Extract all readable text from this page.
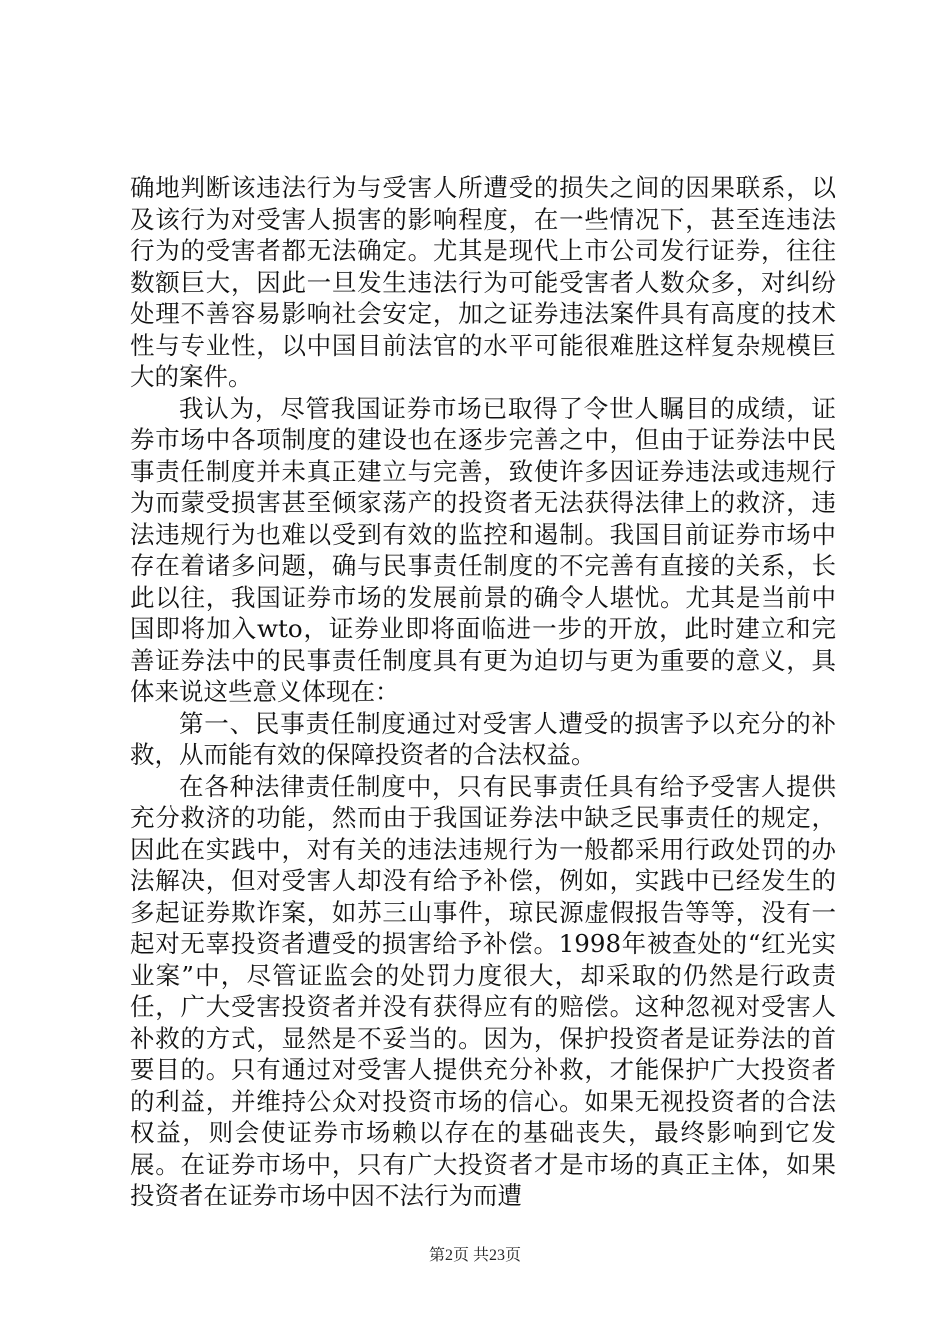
确地判断该违法行为与受害人所遭受的损失之间的因果联系，以及该行为对受害人损害的影响程度，在一些情况下，甚至连违法行为的受害者都无法确定。尤其是现代上市公司发行证券，往往数额巨大，因此一旦发生违法行为可能受害者人数众多，对纠纷处理不善容易影响社会安定，加之证券违法案件具有高度的技术性与专业性，以中国目前法官的水平可能很难胜这样复杂规模巨大的案件。

我认为，尽管我国证券市场已取得了令世人瞩目的成绩，证券市场中各项制度的建设也在逐步完善之中，但由于证券法中民事责任制度并未真正建立与完善，致使许多因证券违法或违规行为而蒙受损害甚至倾家荡产的投资者无法获得法律上的救济，违法违规行为也难以受到有效的监控和遏制。我国目前证券市场中存在着诸多问题，确与民事责任制度的不完善有直接的关系，长此以往，我国证券市场的发展前景的确令人堪忧。尤其是当前中国即将加入wto，证券业即将面临进一步的开放，此时建立和完善证券法中的民事责任制度具有更为迫切与更为重要的意义，具体来说这些意义体现在：

第一、民事责任制度通过对受害人遭受的损害予以充分的补救，从而能有效的保障投资者的合法权益。

在各种法律责任制度中，只有民事责任具有给予受害人提供充分救济的功能，然而由于我国证券法中缺乏民事责任的规定，因此在实践中，对有关的违法违规行为一般都采用行政处罚的办法解决，但对受害人却没有给予补偿，例如，实践中已经发生的多起证券欺诈案，如苏三山事件，琼民源虚假报告等等，没有一起对无辜投资者遭受的损害给予补偿。1998年被查处的“红光实业案”中，尽管证监会的处罚力度很大，却采取的仍然是行政责任，广大受害投资者并没有获得应有的赔偿。这种忽视对受害人补救的方式，显然是不妥当的。因为，保护投资者是证券法的首要目的。只有通过对受害人提供充分补救，才能保护广大投资者的利益，并维持公众对投资市场的信心。如果无视投资者的合法权益，则会使证券市场赖以存在的基础丧失，最终影响到它发展。在证券市场中，只有广大投资者才是市场的真正主体，如果投资者在证券市场中因不法行为而遭

第2页 共23页
